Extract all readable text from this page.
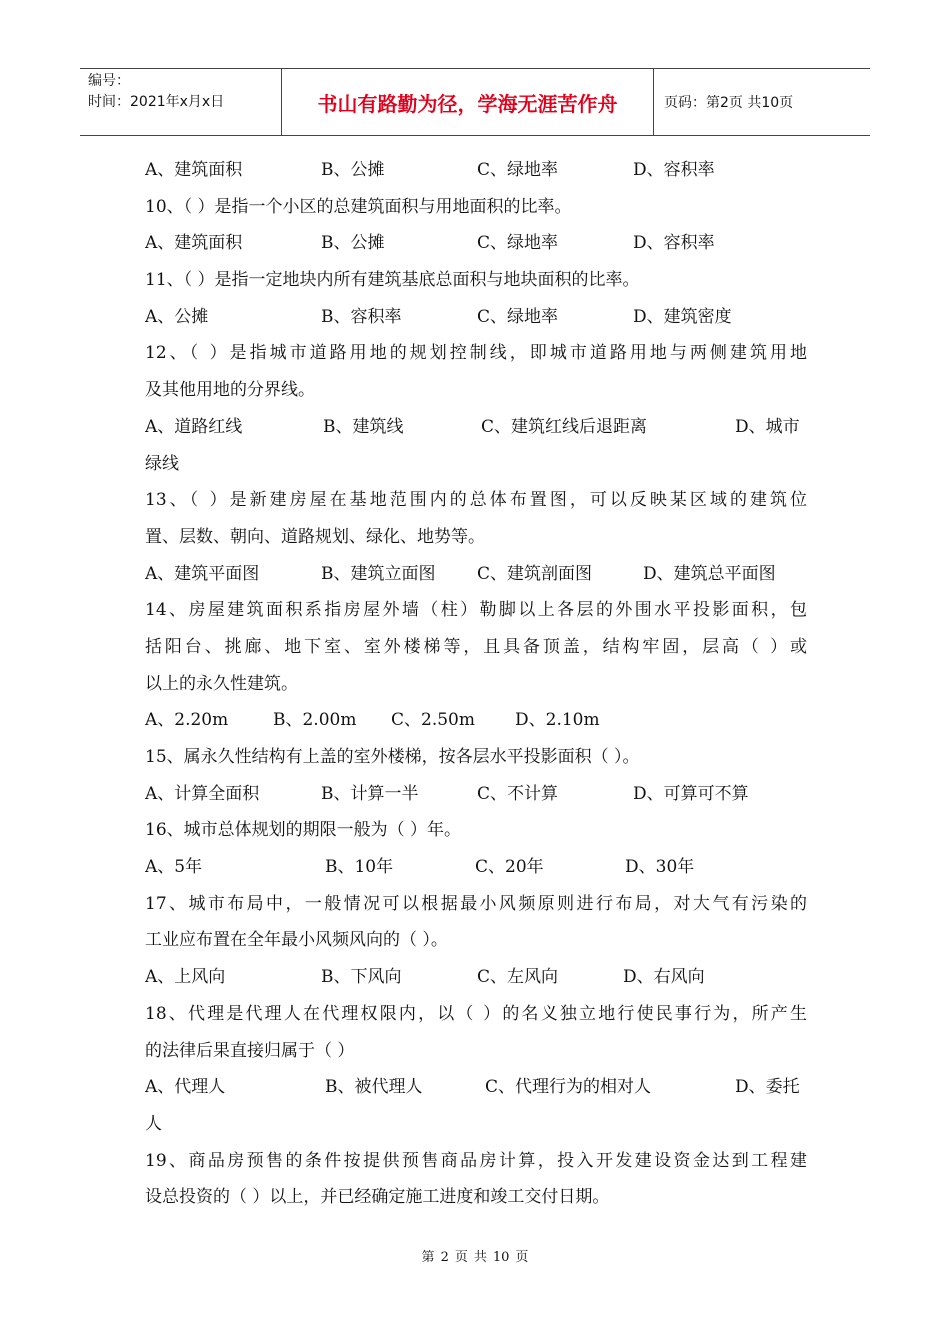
编号：
时间：2021年x月x日	书山有路勤为径，学海无涯苦作舟	页码：第2页 共10页
A、建筑面积	B、公摊	C、绿地率	D、容积率
10、（ ）是指一个小区的总建筑面积与用地面积的比率。
A、建筑面积	B、公摊	C、绿地率	D、容积率
11、（ ）是指一定地块内所有建筑基底总面积与地块面积的比率。
A、公摊	B、容积率	C、绿地率	D、建筑密度
12、（ ）是指城市道路用地的规划控制线，即城市道路用地与两侧建筑用地
及其他用地的分界线。
A、道路红线	B、建筑线	C、建筑红线后退距离	D、城市
绿线
13、（ ）是新建房屋在基地范围内的总体布置图，可以反映某区域的建筑位
置、层数、朝向、道路规划、绿化、地势等。
A、建筑平面图	B、建筑立面图 C、建筑剖面图	D、建筑总平面图
14、房屋建筑面积系指房屋外墙（柱）勒脚以上各层的外围水平投影面积，包
括阳台、挑廊、地下室、室外楼梯等，且具备顶盖，结构牢固，层高（ ）或
以上的永久性建筑。
A、2.20m	B、2.00m C、2.50m D、2.10m
15、属永久性结构有上盖的室外楼梯，按各层水平投影面积（ ）。
A、计算全面积	B、计算一半	C、不计算	D、可算可不算
16、城市总体规划的期限一般为（ ）年。
A、5年	B、10年	C、20年	D、30年
17、城市布局中，一般情况可以根据最小风频原则进行布局，对大气有污染的
工业应布置在全年最小风频风向的（ ）。
A、上风向	B、下风向	C、左风向	D、右风向
18、代理是代理人在代理权限内，以（ ）的名义独立地行使民事行为，所产生
的法律后果直接归属于（ ）
A、代理人	B、被代理人	C、代理行为的相对人	D、委托
人
19、商品房预售的条件按提供预售商品房计算，投入开发建设资金达到工程建
设总投资的（ ）以上，并已经确定施工进度和竣工交付日期。
第 2 页 共 10 页
